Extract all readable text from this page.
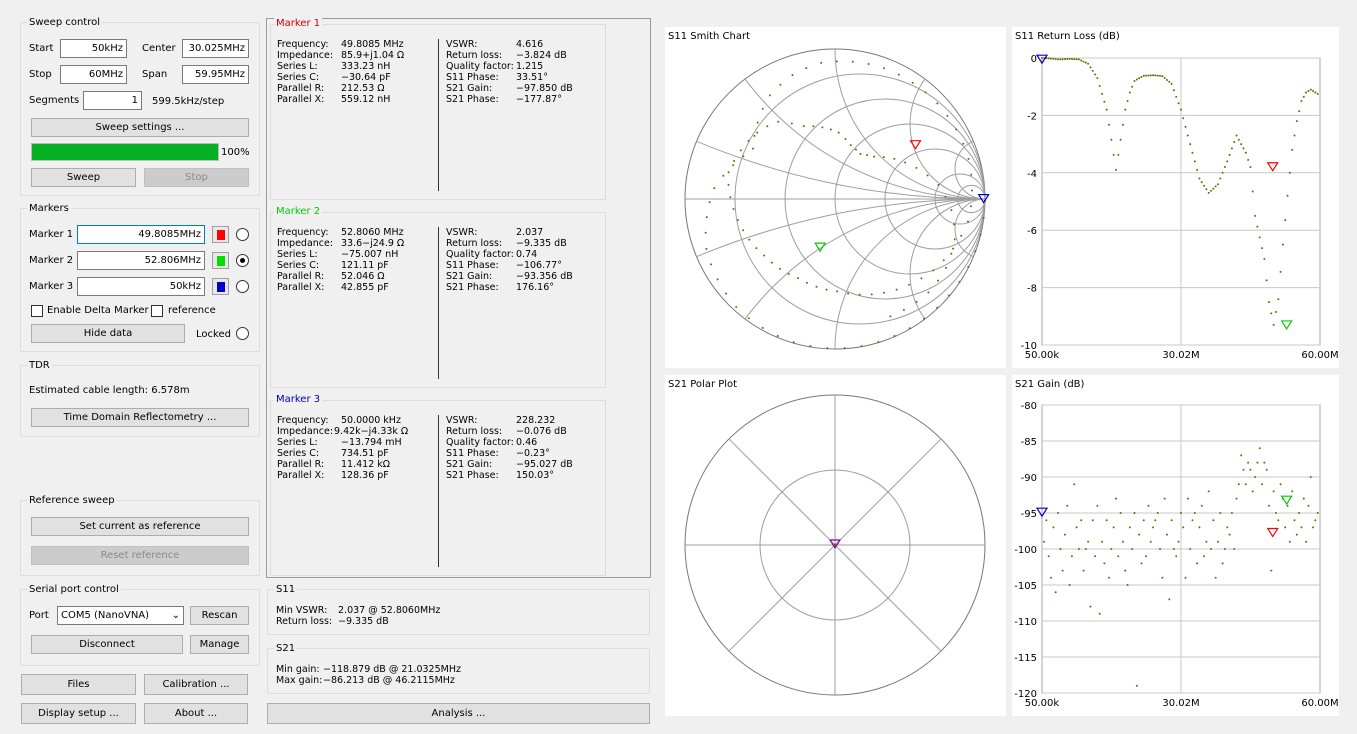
Sweep control
Start	50kHz	Center	30.025MHz
Stop	60MHz	Span	59.95MHz
Segments	1	599.5kHz/step
Sweep settings ...
100%
Sweep	Stop
Markers
Marker 1	49.8085MHz
Marker 2	52.806MHz
Marker 3	50kHz
Enable Delta Marker reference
Hide data	Locked
TDR
Estimated cable length: 6.578m
Time Domain Reflectometry ...
Reference sweep
Set current as reference
Reset reference
Serial port control
Port	COM5 (NanoVNA) ⌄	Rescan
Disconnect	Manage
Files	Calibration ...
Display setup ...	About ...
Marker 1
Frequency: 49.8085 MHz
Impedance: 85.9+j1.04 Ω
Series L: 333.23 nH
Series C: −30.64 pF
Parallel R: 212.53 Ω
Parallel X: 559.12 nH
VSWR:	4.616
Return loss: −3.824 dB
Quality factor: 1.215
S11 Phase: 33.51°
S21 Gain:	−97.850 dB
S21 Phase: −177.87°
Marker 2
Frequency: 52.8060 MHz
Impedance: 33.6−j24.9 Ω
Series L: −75.007 nH
Series C: 121.11 pF
Parallel R: 52.046 Ω
Parallel X: 42.855 pF
VSWR:	2.037
Return loss: −9.335 dB
Quality factor: 0.74
S11 Phase: −106.77°
S21 Gain:	−93.356 dB
S21 Phase: 176.16°
Marker 3
Frequency: 50.0000 kHz
Impedance: 9.42k−j4.33k Ω
Series L: −13.794 mH
Series C: 734.51 pF
Parallel R: 11.412 kΩ
Parallel X: 128.36 pF
VSWR:	228.232
Return loss: −0.076 dB
Quality factor: 0.46
S11 Phase: −0.23°
S21 Gain:	−95.027 dB
S21 Phase: 150.03°
S11
Min VSWR: 2.037 @ 52.8060MHz
Return loss: −9.335 dB
S21
Min gain: −118.879 dB @ 21.0325MHz
Max gain: −86.213 dB @ 46.2115MHz
Analysis ...
S11 Smith Chart	S11 Return Loss (dB)
0
-2
-4
-6
-8
-10
50.00k	30.02M	60.00M
S21 Polar Plot	S21 Gain (dB)
-80
-85
-90
-95
-100
-105
-110
-115
-120
50.00k	30.02M	60.00M
